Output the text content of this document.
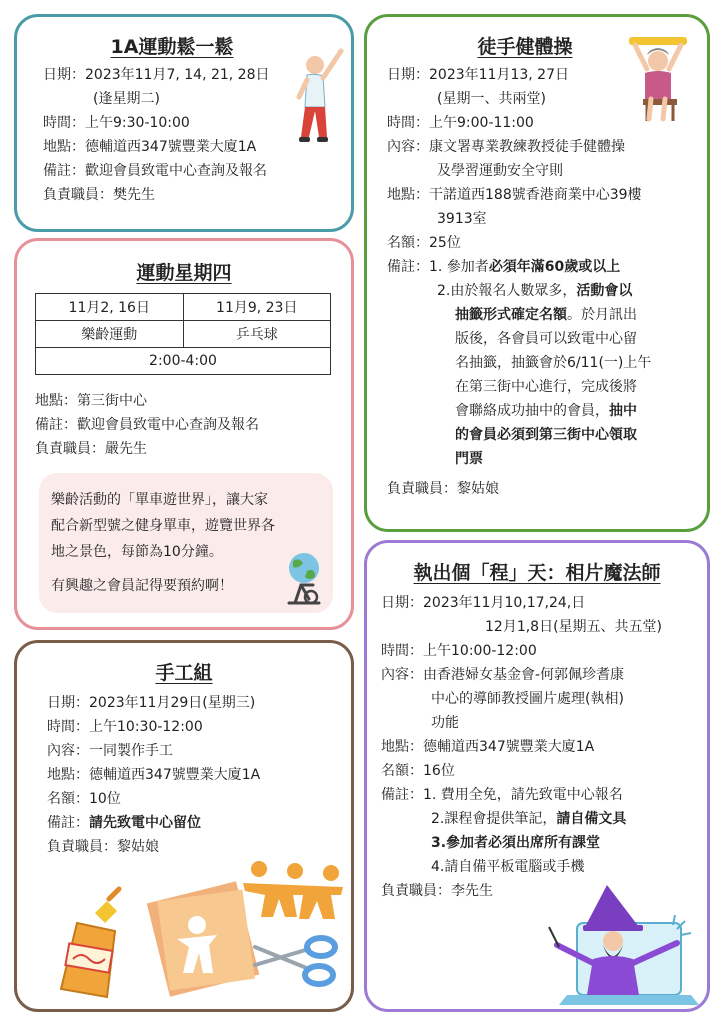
1A運動鬆一鬆
日期： 2023年11月7, 14, 21, 28日
(逢星期二)
時間： 上午9:30-10:00
地點： 德輔道西347號豐業大廈1A
備註： 歡迎會員致電中心查詢及報名
負責職員： 樊先生
運動星期四
11月2, 16日	11月9, 23日
樂齡運動	乒乓球
2:00-4:00	
地點： 第三街中心
備註： 歡迎會員致電中心查詢及報名
負責職員： 嚴先生
樂齡活動的「單車遊世界」，讓大家
配合新型號之健身單車，遊覽世界各
地之景色，每節為10分鐘。
有興趣之會員記得要預約啊！
徒手健體操
日期： 2023年11月13, 27日
(星期一、共兩堂)
時間： 上午9:00-11:00
內容： 康文署專業教練教授徒手健體操
及學習運動安全守則
地點： 干諾道西188號香港商業中心39樓
3913室
名額： 25位
備註： 1. 參加者必須年滿60歲或以上
2.由於報名人數眾多，活動會以
抽籤形式確定名額。於月訊出
版後，各會員可以致電中心留
名抽籤，抽籤會於6/11(一)上午
在第三街中心進行，完成後將
會聯絡成功抽中的會員，抽中
的會員必須到第三街中心領取
門票
負責職員： 黎姑娘
執出個「程」天：相片魔法師
日期： 2023年11月10,17,24,日
12月1,8日(星期五、共五堂)
時間： 上午10:00-12:00
內容： 由香港婦女基金會-何郭佩珍耆康
中心的導師教授圖片處理(執相)
功能
地點： 德輔道西347號豐業大廈1A
名額： 16位
備註： 1. 費用全免，請先致電中心報名
2.課程會提供筆記，請自備文具
3.參加者必須出席所有課堂
4.請自備平板電腦或手機
負責職員： 李先生
手工組
日期： 2023年11月29日(星期三)
時間： 上午10:30-12:00
內容： 一同製作手工
地點： 德輔道西347號豐業大廈1A
名額： 10位
備註： 請先致電中心留位
負責職員： 黎姑娘
